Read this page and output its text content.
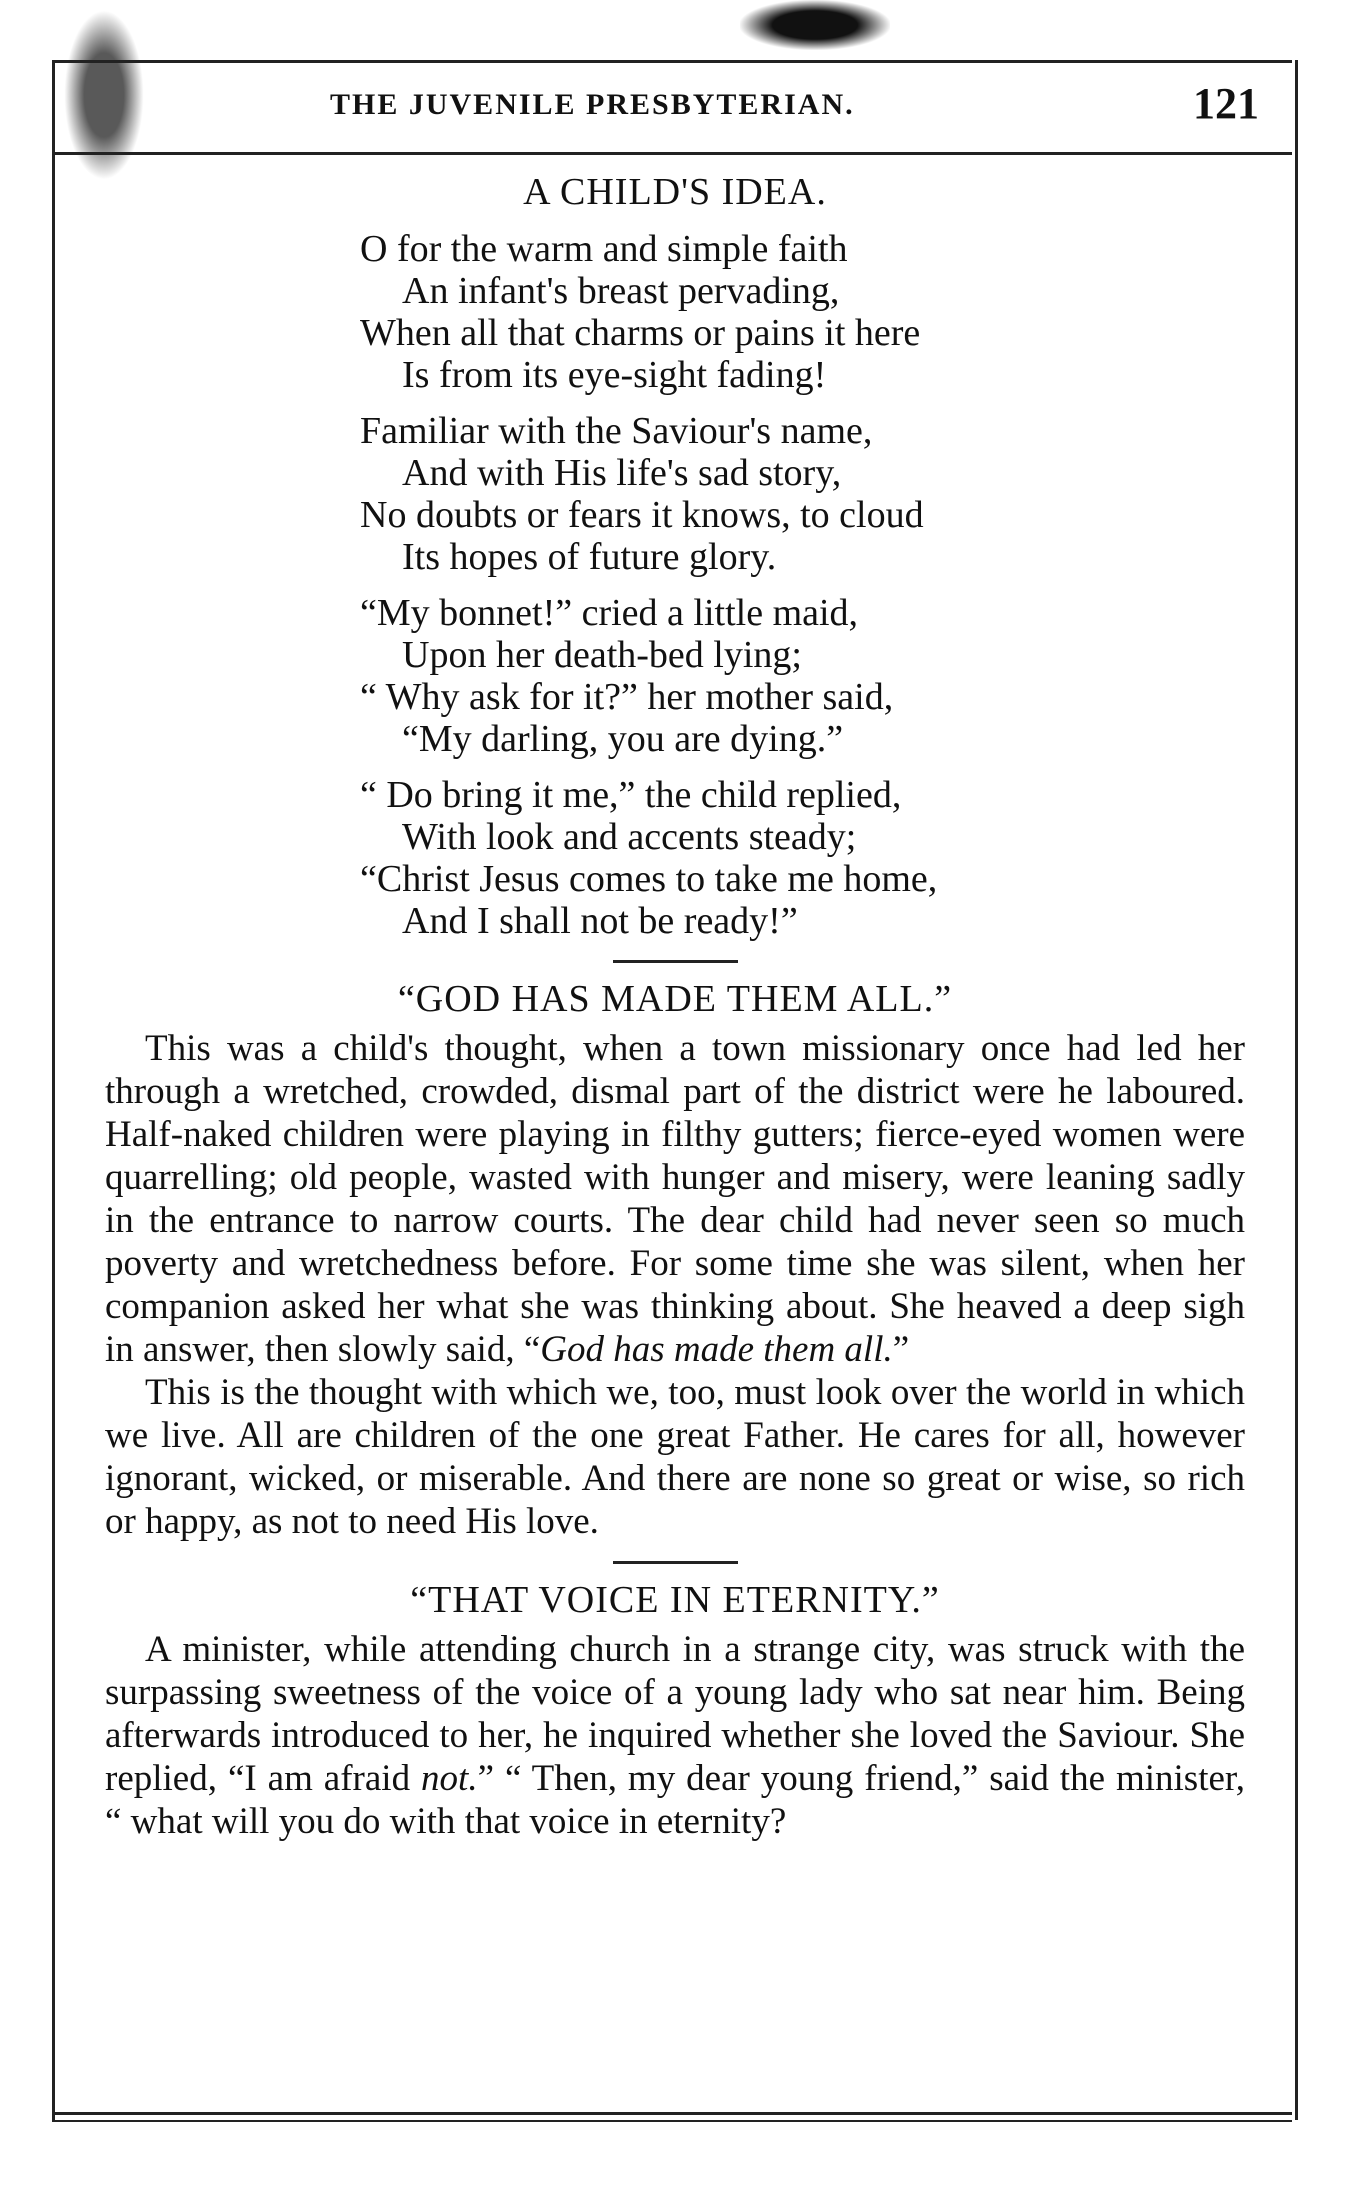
THE JUVENILE PRESBYTERIAN.	121
A CHILD'S IDEA.
O for the warm and simple faith
An infant's breast pervading,
When all that charms or pains it here
Is from its eye-sight fading!
Familiar with the Saviour's name,
And with His life's sad story,
No doubts or fears it knows, to cloud
Its hopes of future glory.
“My bonnet!” cried a little maid,
Upon her death-bed lying;
“ Why ask for it?” her mother said,
“My darling, you are dying.”
“ Do bring it me,” the child replied,
With look and accents steady;
“Christ Jesus comes to take me home,
And I shall not be ready!”
“GOD HAS MADE THEM ALL.”

This was a child's thought, when a town missionary once had led her through a wretched, crowded, dismal part of the district were he laboured. Half-naked children were playing in filthy gutters; fierce-eyed women were quarrelling; old people, wasted with hunger and misery, were leaning sadly in the entrance to narrow courts. The dear child had never seen so much poverty and wretchedness before. For some time she was silent, when her companion asked her what she was thinking about. She heaved a deep sigh in answer, then slowly said, “God has made them all.”

This is the thought with which we, too, must look over the world in which we live. All are children of the one great Father. He cares for all, however ignorant, wicked, or miserable. And there are none so great or wise, so rich or happy, as not to need His love.

“THAT VOICE IN ETERNITY.”

A minister, while attending church in a strange city, was struck with the surpassing sweetness of the voice of a young lady who sat near him. Being afterwards introduced to her, he inquired whether she loved the Saviour. She replied, “I am afraid not.” “ Then, my dear young friend,” said the minister, “ what will you do with that voice in eternity?
